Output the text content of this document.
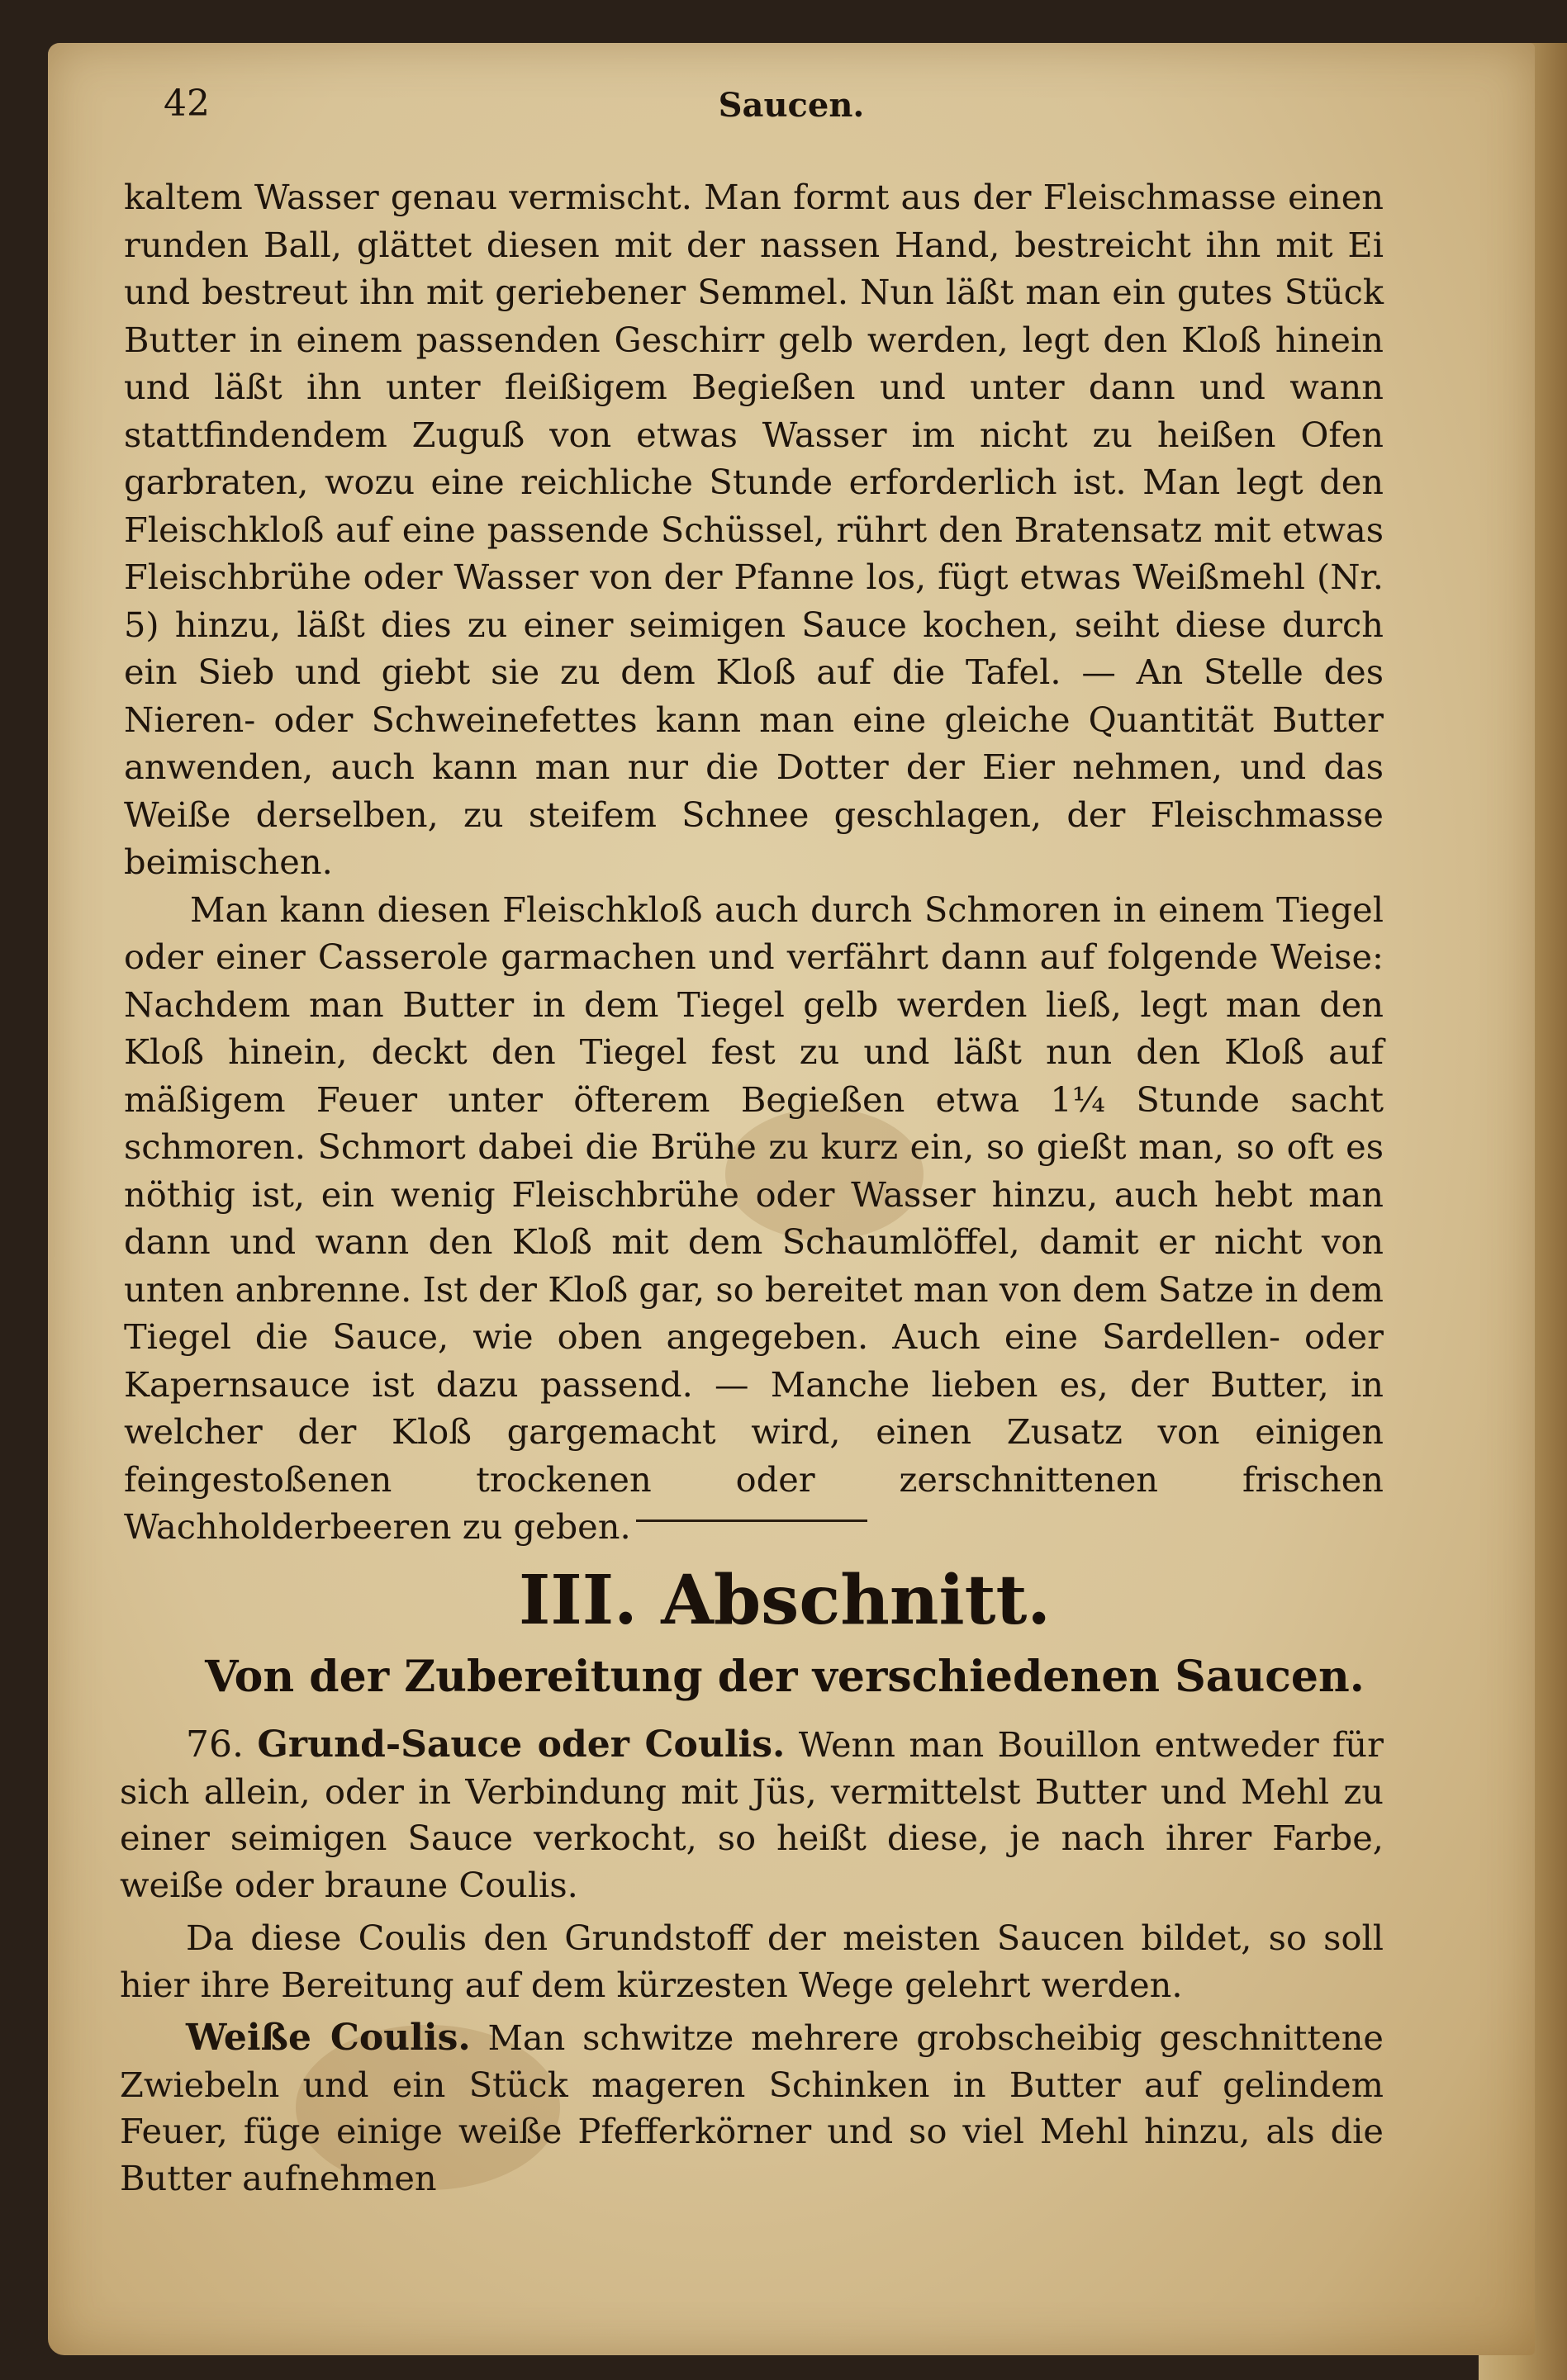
42	Saucen.

kaltem Wasser genau vermischt. Man formt aus der Fleischmasse einen runden Ball, glättet diesen mit der nassen Hand, bestreicht ihn mit Ei und bestreut ihn mit geriebener Semmel. Nun läßt man ein gutes Stück Butter in einem passenden Geschirr gelb werden, legt den Kloß hinein und läßt ihn unter fleißigem Begießen und unter dann und wann stattfindendem Zuguß von etwas Wasser im nicht zu heißen Ofen garbraten, wozu eine reichliche Stunde erforderlich ist. Man legt den Fleischkloß auf eine passende Schüssel, rührt den Bratensatz mit etwas Fleischbrühe oder Wasser von der Pfanne los, fügt etwas Weißmehl (Nr. 5) hinzu, läßt dies zu einer seimigen Sauce kochen, seiht diese durch ein Sieb und giebt sie zu dem Kloß auf die Tafel. — An Stelle des Nieren- oder Schweinefettes kann man eine gleiche Quantität Butter anwenden, auch kann man nur die Dotter der Eier nehmen, und das Weiße derselben, zu steifem Schnee geschlagen, der Fleischmasse beimischen.

Man kann diesen Fleischkloß auch durch Schmoren in einem Tiegel oder einer Casserole garmachen und verfährt dann auf folgende Weise: Nachdem man Butter in dem Tiegel gelb werden ließ, legt man den Kloß hinein, deckt den Tiegel fest zu und läßt nun den Kloß auf mäßigem Feuer unter öfterem Begießen etwa 1¼ Stunde sacht schmoren. Schmort dabei die Brühe zu kurz ein, so gießt man, so oft es nöthig ist, ein wenig Fleischbrühe oder Wasser hinzu, auch hebt man dann und wann den Kloß mit dem Schaumlöffel, damit er nicht von unten anbrenne. Ist der Kloß gar, so bereitet man von dem Satze in dem Tiegel die Sauce, wie oben angegeben. Auch eine Sardellen- oder Kapernsauce ist dazu passend. — Manche lieben es, der Butter, in welcher der Kloß gargemacht wird, einen Zusatz von einigen feingestoßenen trockenen oder zerschnittenen frischen Wachholderbeeren zu geben.

III. Abschnitt.
Von der Zubereitung der verschiedenen Saucen.

76. Grund-Sauce oder Coulis. Wenn man Bouillon entweder für sich allein, oder in Verbindung mit Jüs, vermittelst Butter und Mehl zu einer seimigen Sauce verkocht, so heißt diese, je nach ihrer Farbe, weiße oder braune Coulis.

Da diese Coulis den Grundstoff der meisten Saucen bildet, so soll hier ihre Bereitung auf dem kürzesten Wege gelehrt werden.

Weiße Coulis. Man schwitze mehrere grobscheibig geschnittene Zwiebeln und ein Stück mageren Schinken in Butter auf gelindem Feuer, füge einige weiße Pfefferkörner und so viel Mehl hinzu, als die Butter aufnehmen
